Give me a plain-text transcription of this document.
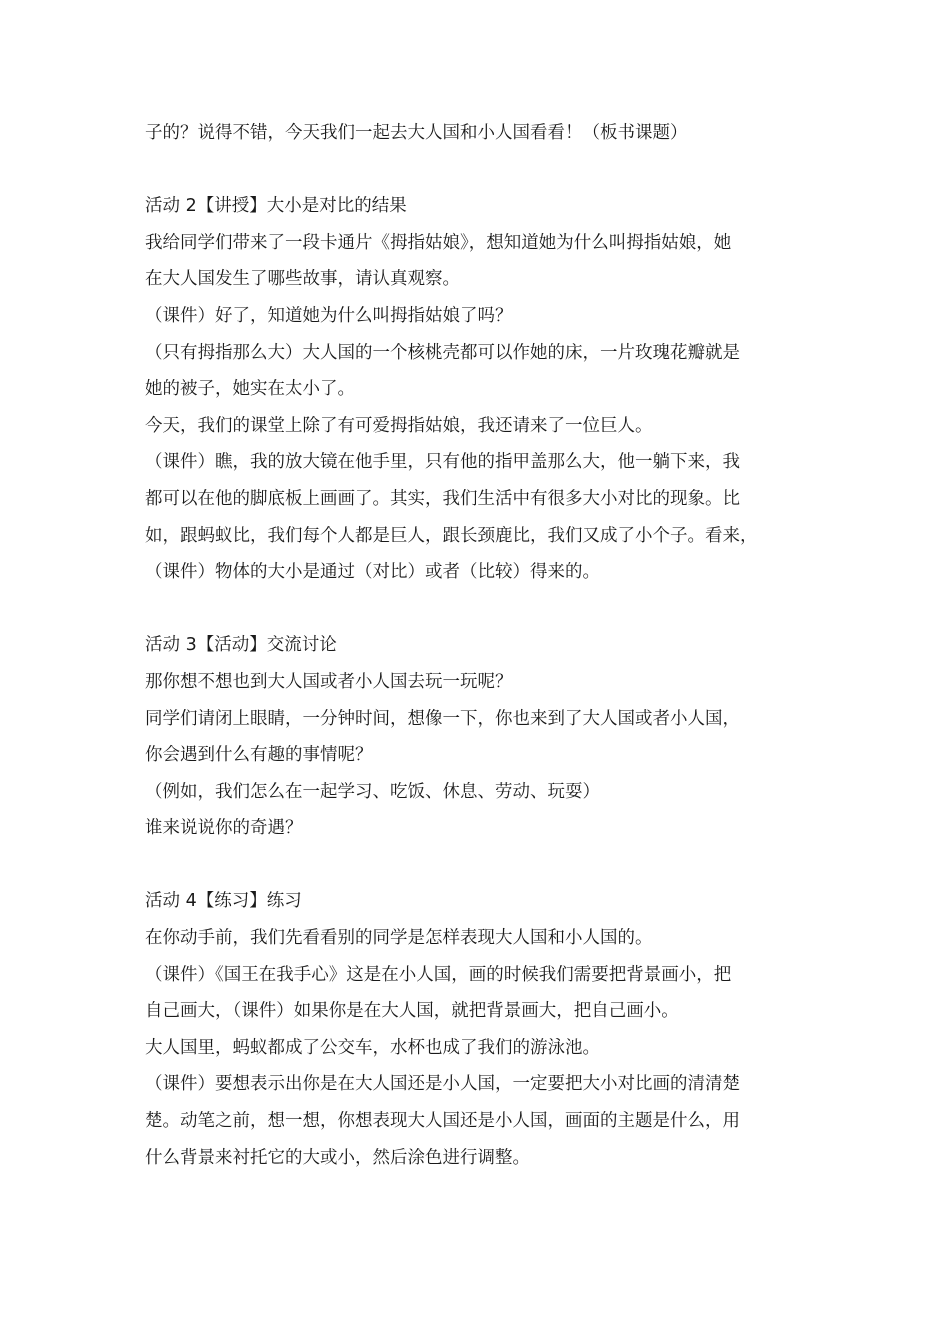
子的？说得不错，今天我们一起去大人国和小人国看看！（板书课题）
活动 2【讲授】大小是对比的结果
我给同学们带来了一段卡通片《拇指姑娘》，想知道她为什么叫拇指姑娘，她
在大人国发生了哪些故事，请认真观察。
（课件）好了，知道她为什么叫拇指姑娘了吗？
（只有拇指那么大）大人国的一个核桃壳都可以作她的床，一片玫瑰花瓣就是
她的被子，她实在太小了。
今天，我们的课堂上除了有可爱拇指姑娘，我还请来了一位巨人。
（课件）瞧，我的放大镜在他手里，只有他的指甲盖那么大，他一躺下来，我
都可以在他的脚底板上画画了。其实，我们生活中有很多大小对比的现象。比
如，跟蚂蚁比，我们每个人都是巨人，跟长颈鹿比，我们又成了小个子。看来，
（课件）物体的大小是通过（对比）或者（比较）得来的。
活动 3【活动】交流讨论
那你想不想也到大人国或者小人国去玩一玩呢？
同学们请闭上眼睛，一分钟时间，想像一下，你也来到了大人国或者小人国，
你会遇到什么有趣的事情呢？
（例如，我们怎么在一起学习、吃饭、休息、劳动、玩耍）
谁来说说你的奇遇？
活动 4【练习】练习
在你动手前，我们先看看别的同学是怎样表现大人国和小人国的。
（课件）《国王在我手心》这是在小人国，画的时候我们需要把背景画小，把
自己画大，（课件）如果你是在大人国，就把背景画大，把自己画小。
大人国里，蚂蚁都成了公交车，水杯也成了我们的游泳池。
（课件）要想表示出你是在大人国还是小人国，一定要把大小对比画的清清楚
楚。动笔之前，想一想，你想表现大人国还是小人国，画面的主题是什么，用
什么背景来衬托它的大或小，然后涂色进行调整。
